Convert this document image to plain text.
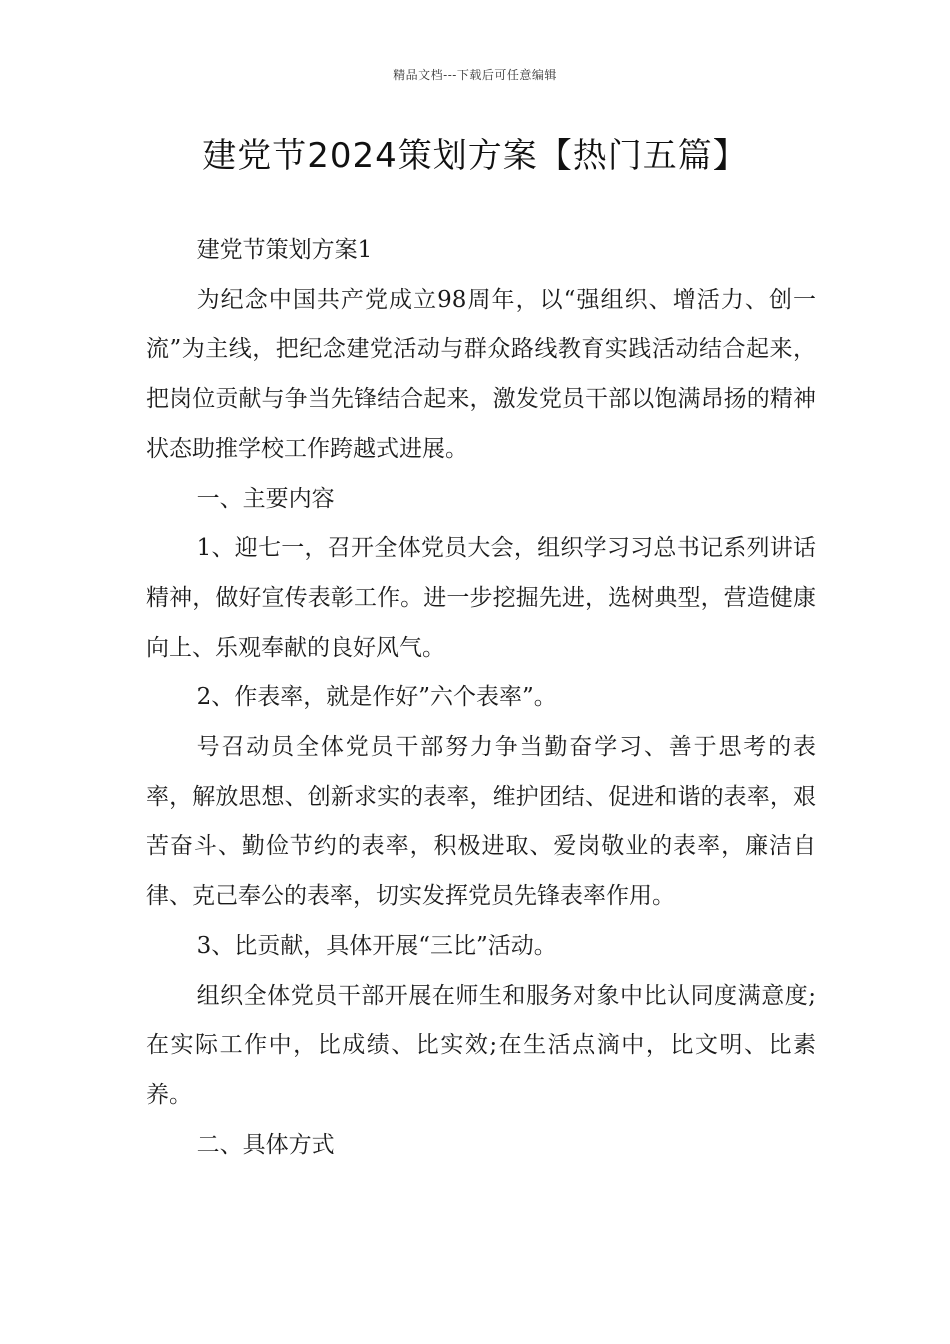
精品文档---下载后可任意编辑
建党节2024策划方案【热门五篇】

建党节策划方案1

为纪念中国共产党成立98周年，以“强组织、增活力、创一流”为主线，把纪念建党活动与群众路线教育实践活动结合起来，把岗位贡献与争当先锋结合起来，激发党员干部以饱满昂扬的精神状态助推学校工作跨越式进展。

一、主要内容

1、迎七一，召开全体党员大会，组织学习习总书记系列讲话精神，做好宣传表彰工作。进一步挖掘先进，选树典型，营造健康向上、乐观奉献的良好风气。

2、作表率，就是作好”六个表率”。

号召动员全体党员干部努力争当勤奋学习、善于思考的表率，解放思想、创新求实的表率，维护团结、促进和谐的表率，艰苦奋斗、勤俭节约的表率，积极进取、爱岗敬业的表率，廉洁自律、克己奉公的表率，切实发挥党员先锋表率作用。

3、比贡献，具体开展“三比”活动。

组织全体党员干部开展在师生和服务对象中比认同度满意度;在实际工作中，比成绩、比实效;在生活点滴中，比文明、比素养。

二、具体方式
